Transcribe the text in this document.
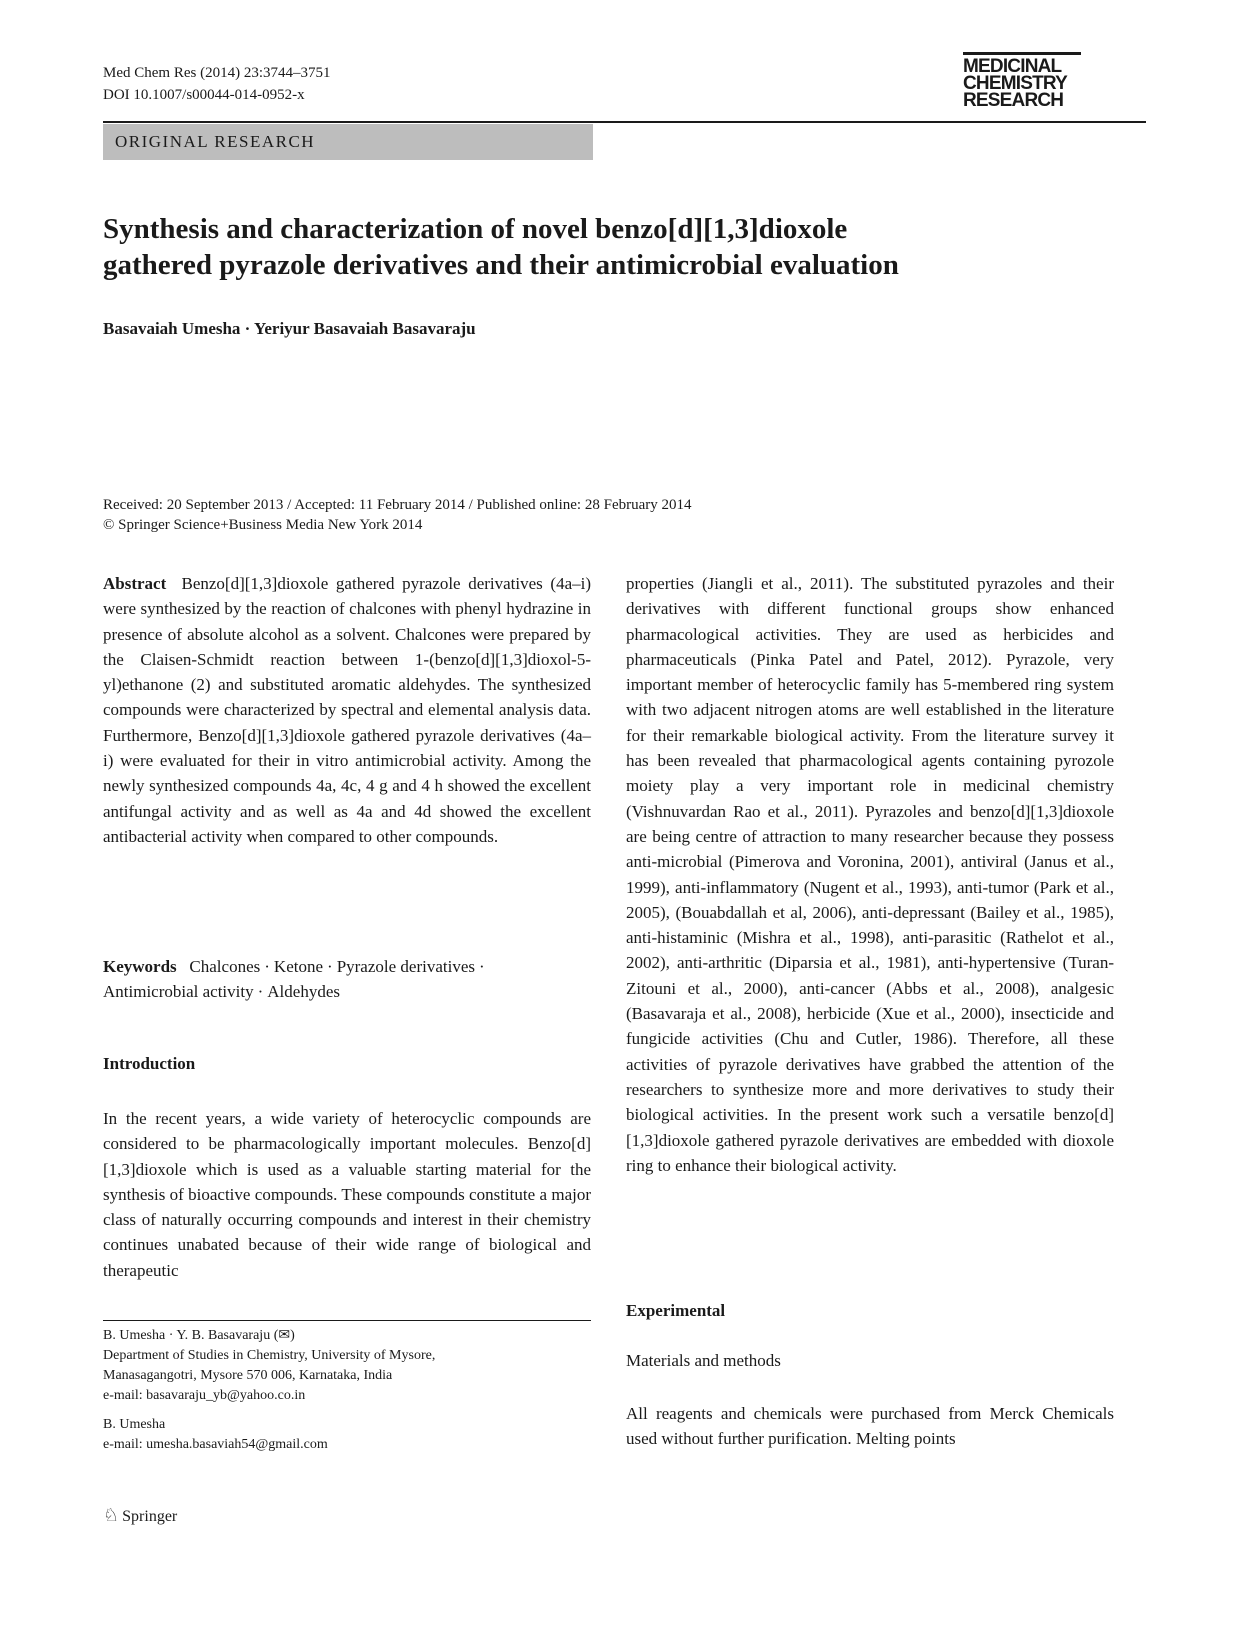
Med Chem Res (2014) 23:3744–3751
DOI 10.1007/s00044-014-0952-x
MEDICINAL
CHEMISTRY
RESEARCH
ORIGINAL RESEARCH
Synthesis and characterization of novel benzo[d][1,3]dioxole
gathered pyrazole derivatives and their antimicrobial evaluation
Basavaiah Umesha · Yeriyur Basavaiah Basavaraju
Received: 20 September 2013 / Accepted: 11 February 2014 / Published online: 28 February 2014
© Springer Science+Business Media New York 2014

Abstract Benzo[d][1,3]dioxole gathered pyrazole derivatives (4a–i) were synthesized by the reaction of chalcones with phenyl hydrazine in presence of absolute alcohol as a solvent. Chalcones were prepared by the Claisen-Schmidt reaction between 1-(benzo[d][1,3]dioxol-5-yl)ethanone (2) and substituted aromatic aldehydes. The synthesized compounds were characterized by spectral and elemental analysis data. Furthermore, Benzo[d][1,3]dioxole gathered pyrazole derivatives (4a–i) were evaluated for their in vitro antimicrobial activity. Among the newly synthesized compounds 4a, 4c, 4 g and 4 h showed the excellent antifungal activity and as well as 4a and 4d showed the excellent antibacterial activity when compared to other compounds.

Keywords Chalcones · Ketone · Pyrazole derivatives ·
Antimicrobial activity · Aldehydes
Introduction
In the recent years, a wide variety of heterocyclic compounds are considered to be pharmacologically important molecules. Benzo[d][1,3]dioxole which is used as a valuable starting material for the synthesis of bioactive compounds. These compounds constitute a major class of naturally occurring compounds and interest in their chemistry continues unabated because of their wide range of biological and therapeutic
B. Umesha · Y. B. Basavaraju (✉)
Department of Studies in Chemistry, University of Mysore,
Manasagangotri, Mysore 570 006, Karnataka, India
e-mail: basavaraju_yb@yahoo.co.in
B. Umesha
e-mail: umesha.basaviah54@gmail.com
♘ Springer
properties (Jiangli et al., 2011). The substituted pyrazoles and their derivatives with different functional groups show enhanced pharmacological activities. They are used as herbicides and pharmaceuticals (Pinka Patel and Patel, 2012). Pyrazole, very important member of heterocyclic family has 5-membered ring system with two adjacent nitrogen atoms are well established in the literature for their remarkable biological activity. From the literature survey it has been revealed that pharmacological agents containing pyrozole moiety play a very important role in medicinal chemistry (Vishnuvardan Rao et al., 2011). Pyrazoles and benzo[d][1,3]dioxole are being centre of attraction to many researcher because they possess anti-microbial (Pimerova and Voronina, 2001), antiviral (Janus et al., 1999), anti-inflammatory (Nugent et al., 1993), anti-tumor (Park et al., 2005), (Bouabdallah et al, 2006), anti-depressant (Bailey et al., 1985), anti-histaminic (Mishra et al., 1998), anti-parasitic (Rathelot et al., 2002), anti-arthritic (Diparsia et al., 1981), anti-hypertensive (Turan-Zitouni et al., 2000), anti-cancer (Abbs et al., 2008), analgesic (Basavaraja et al., 2008), herbicide (Xue et al., 2000), insecticide and fungicide activities (Chu and Cutler, 1986). Therefore, all these activities of pyrazole derivatives have grabbed the attention of the researchers to synthesize more and more derivatives to study their biological activities. In the present work such a versatile benzo[d][1,3]dioxole gathered pyrazole derivatives are embedded with dioxole ring to enhance their biological activity.
Experimental
Materials and methods
All reagents and chemicals were purchased from Merck Chemicals used without further purification. Melting points
